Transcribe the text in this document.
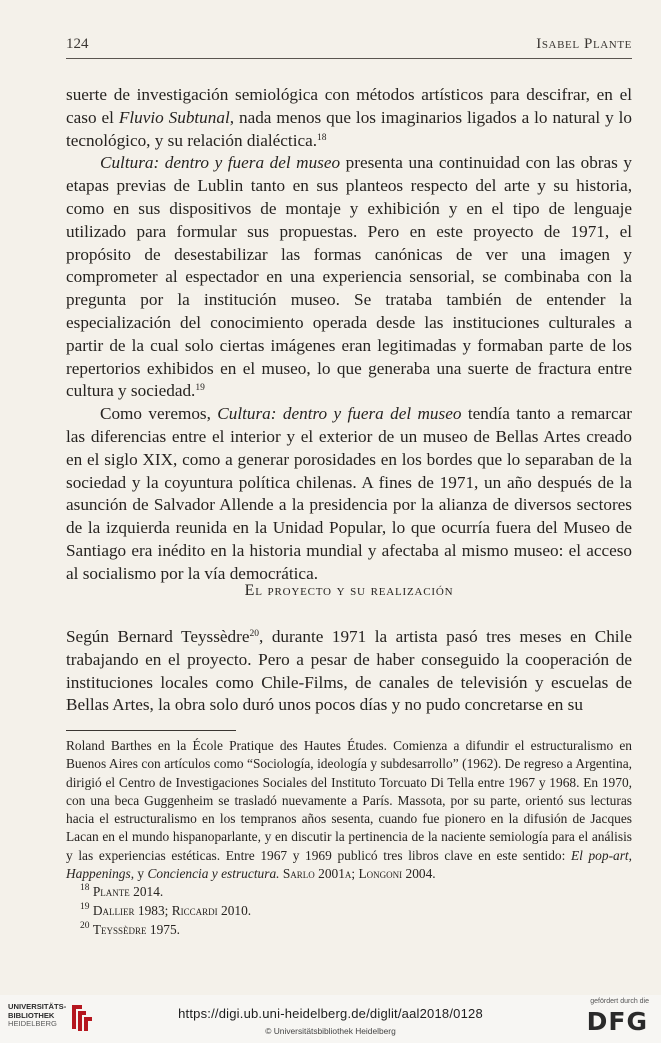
124	Isabel Plante

suerte de investigación semiológica con métodos artísticos para descifrar, en el caso el Fluvio Subtunal, nada menos que los imaginarios ligados a lo natural y lo tecnológico, y su relación dialéctica.$^{18}$

Cultura: dentro y fuera del museo presenta una continuidad con las obras y etapas previas de Lublin tanto en sus planteos respecto del arte y su historia, como en sus dispositivos de montaje y exhibición y en el tipo de lenguaje utilizado para formular sus propuestas. Pero en este proyecto de 1971, el propósito de desestabilizar las formas canónicas de ver una imagen y comprometer al espectador en una experiencia sensorial, se combinaba con la pregunta por la institución museo. Se trataba también de entender la especialización del conocimiento operada desde las instituciones culturales a partir de la cual solo ciertas imágenes eran legitimadas y formaban parte de los repertorios exhibidos en el museo, lo que generaba una suerte de fractura entre cultura y sociedad.$^{19}$

Como veremos, Cultura: dentro y fuera del museo tendía tanto a remarcar las diferencias entre el interior y el exterior de un museo de Bellas Artes creado en el siglo XIX, como a generar porosidades en los bordes que lo separaban de la sociedad y la coyuntura política chilenas. A fines de 1971, un año después de la asunción de Salvador Allende a la presidencia por la alianza de diversos sectores de la izquierda reunida en la Unidad Popular, lo que ocurría fuera del Museo de Santiago era inédito en la historia mundial y afectaba al mismo museo: el acceso al socialismo por la vía democrática.

El proyecto y su realización

Según Bernard Teyssèdre$^{20}$, durante 1971 la artista pasó tres meses en Chile trabajando en el proyecto. Pero a pesar de haber conseguido la cooperación de instituciones locales como Chile-Films, de canales de televisión y escuelas de Bellas Artes, la obra solo duró unos pocos días y no pudo concretarse en su

Roland Barthes en la École Pratique des Hautes Études. Comienza a difundir el estructuralismo en Buenos Aires con artículos como “Sociología, ideología y subdesarrollo” (1962). De regreso a Argentina, dirigió el Centro de Investigaciones Sociales del Instituto Torcuato Di Tella entre 1967 y 1968. En 1970, con una beca Guggenheim se trasladó nuevamente a París. Massota, por su parte, orientó sus lecturas hacia el estructuralismo en los tempranos años sesenta, cuando fue pionero en la difusión de Jacques Lacan en el mundo hispanoparlante, y en discutir la pertinencia de la naciente semiología para el análisis y las experiencias estéticas. Entre 1967 y 1969 publicó tres libros clave en este sentido: El pop-art, Happenings, y Conciencia y estructura. Sarlo 2001a; Longoni 2004.

$^{18}$ Plante 2014.

$^{19}$ Dallier 1983; Riccardi 2010.

$^{20}$ Teyssèdre 1975.

UNIVERSITÄTS-
BIBLIOTHEK
HEIDELBERG
https://digi.ub.uni-heidelberg.de/diglit/aal2018/0128
© Universitätsbibliothek Heidelberg
gefördert durch die
DFG
